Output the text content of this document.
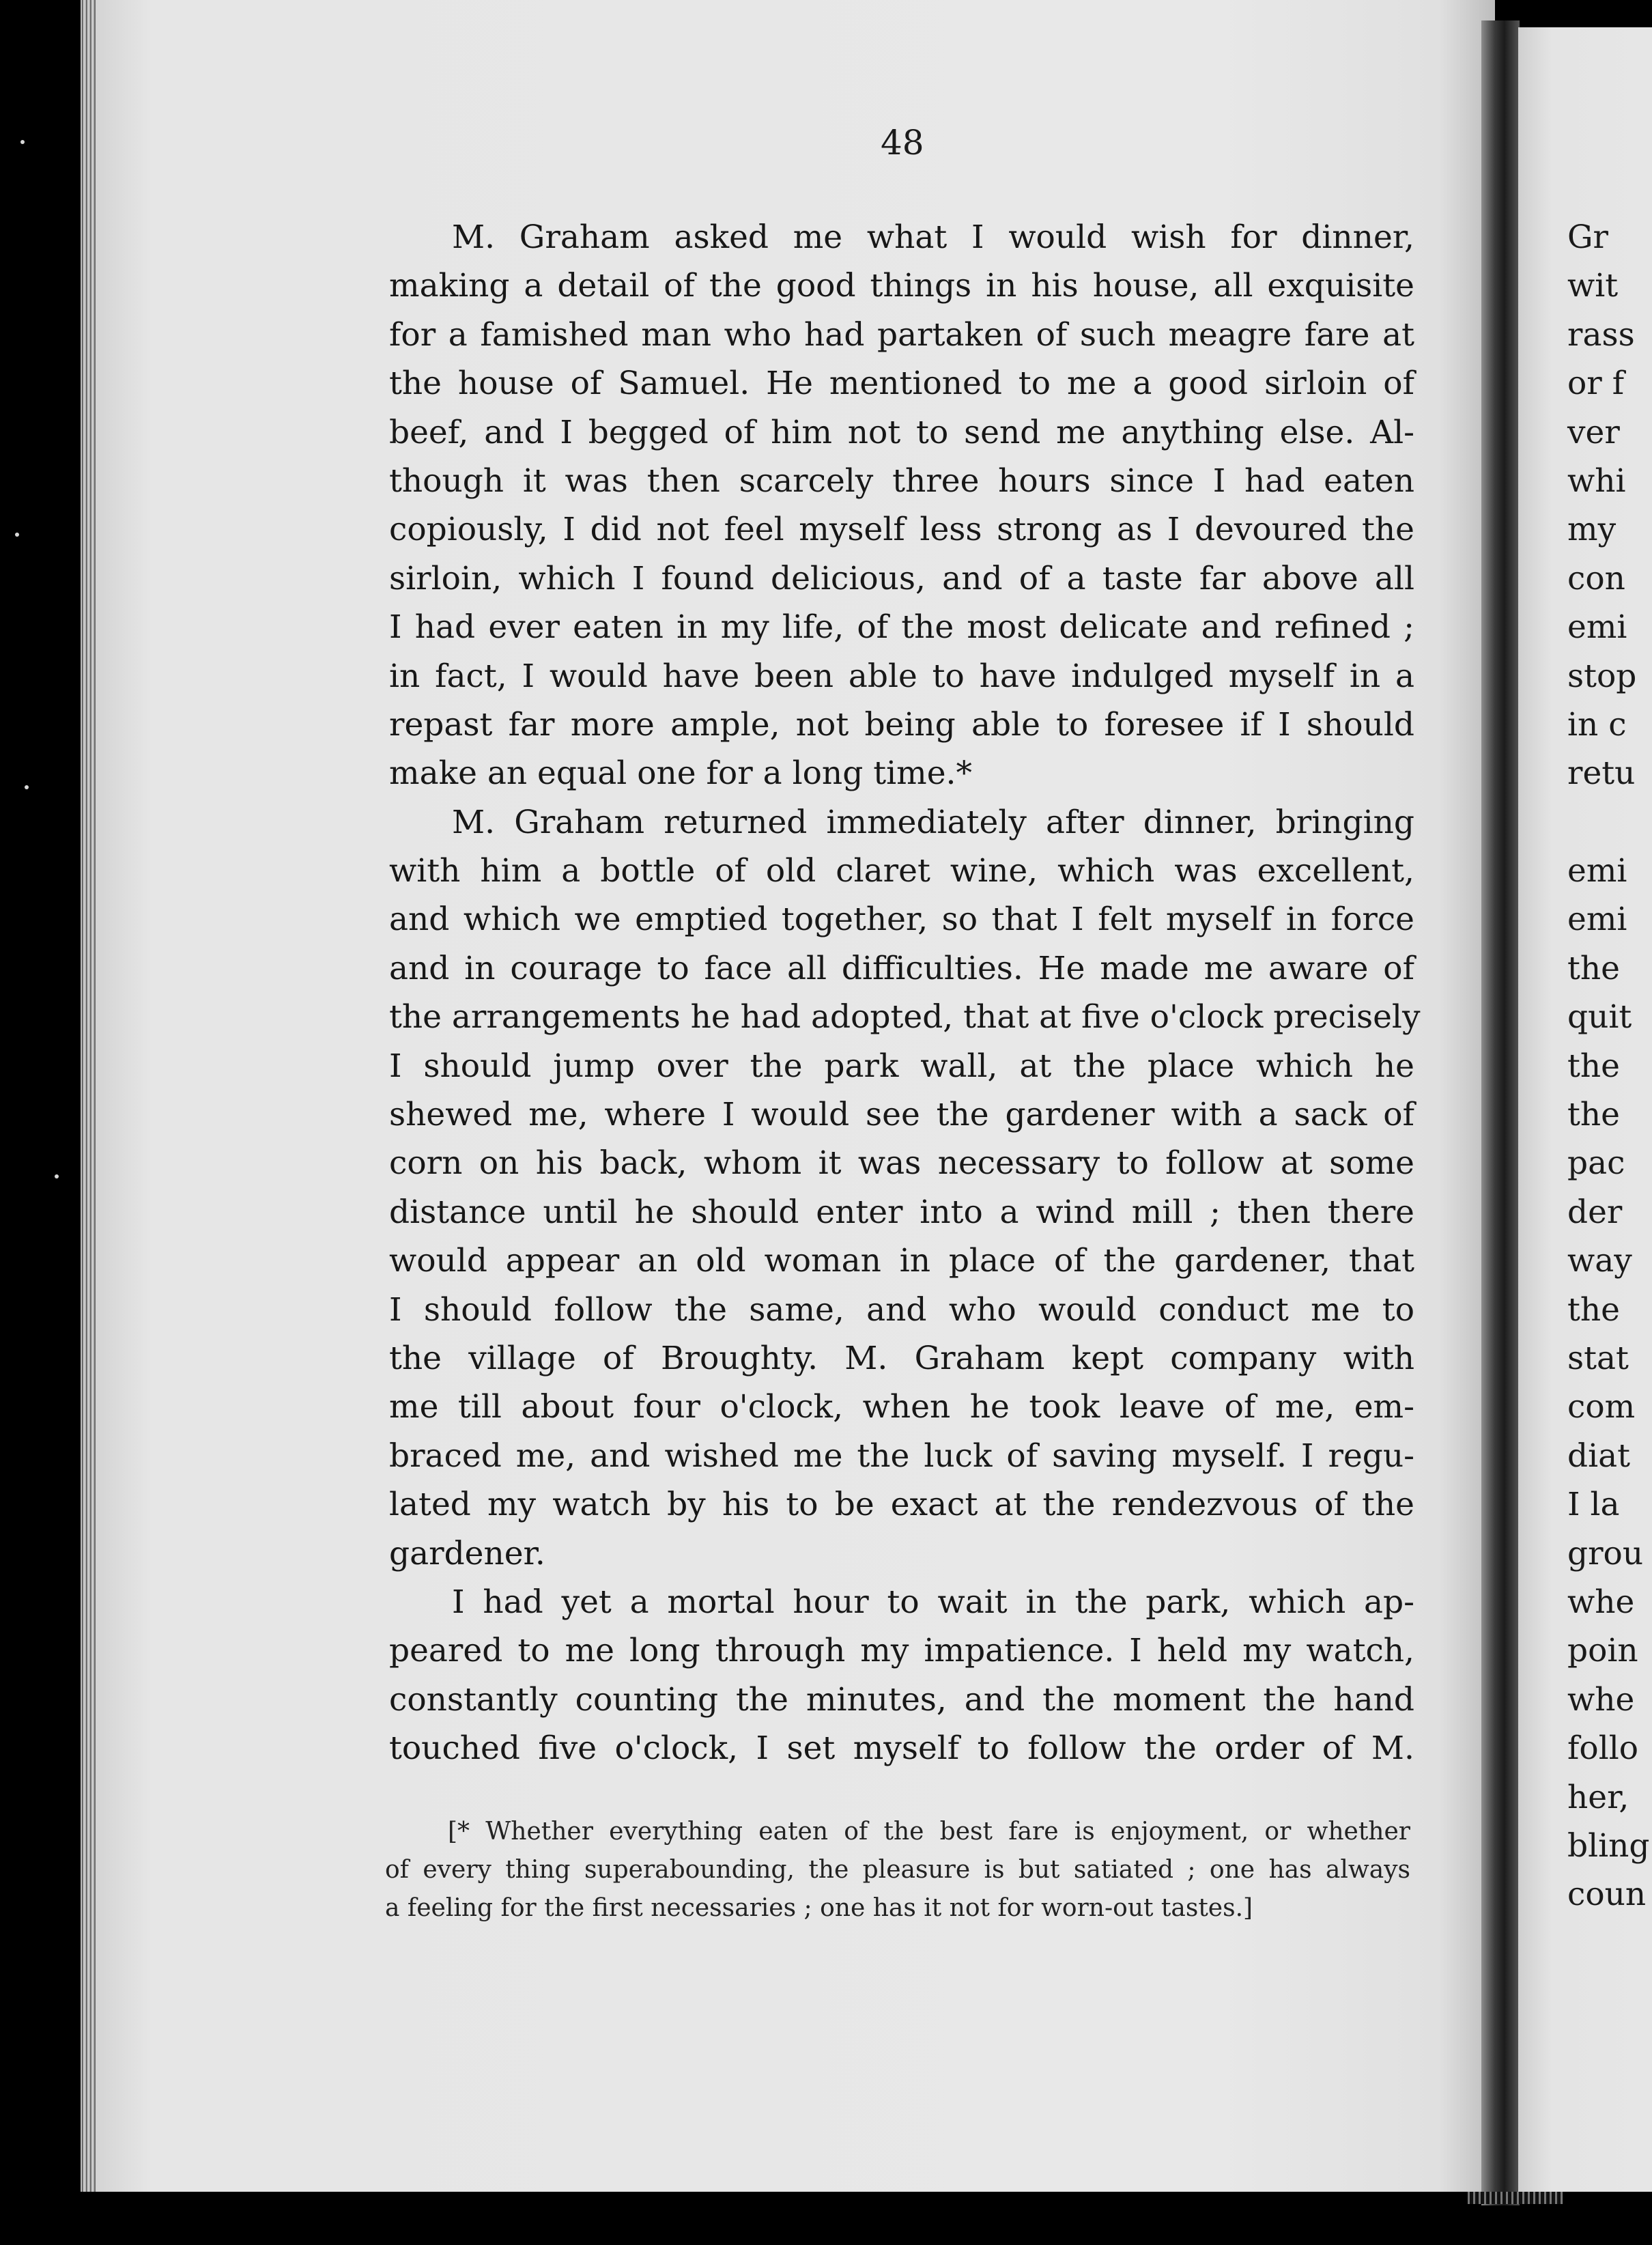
48
M. Graham asked me what I would wish for dinner,
making a detail of the good things in his house, all exquisite
for a famished man who had partaken of such meagre fare at
the house of Samuel. He mentioned to me a good sirloin of
beef, and I begged of him not to send me anything else. Al-
though it was then scarcely three hours since I had eaten
copiously, I did not feel myself less strong as I devoured the
sirloin, which I found delicious, and of a taste far above all
I had ever eaten in my life, of the most delicate and refined ;
in fact, I would have been able to have indulged myself in a
repast far more ample, not being able to foresee if I should
make an equal one for a long time.*
M. Graham returned immediately after dinner, bringing
with him a bottle of old claret wine, which was excellent,
and which we emptied together, so that I felt myself in force
and in courage to face all difficulties. He made me aware of
the arrangements he had adopted, that at five o'clock precisely
I should jump over the park wall, at the place which he
shewed me, where I would see the gardener with a sack of
corn on his back, whom it was necessary to follow at some
distance until he should enter into a wind mill ; then there
would appear an old woman in place of the gardener, that
I should follow the same, and who would conduct me to
the village of Broughty. M. Graham kept company with
me till about four o'clock, when he took leave of me, em-
braced me, and wished me the luck of saving myself. I regu-
lated my watch by his to be exact at the rendezvous of the
gardener.
I had yet a mortal hour to wait in the park, which ap-
peared to me long through my impatience. I held my watch,
constantly counting the minutes, and the moment the hand
touched five o'clock, I set myself to follow the order of M.
[* Whether everything eaten of the best fare is enjoyment, or whether
of every thing superabounding, the pleasure is but satiated ; one has always
a feeling for the first necessaries ; one has it not for worn-out tastes.]
Gr
wit
rass
or f
ver
whi
my
con
emi
stop
in c
retu
emi
emi
the
quit
the
the
pac
der
way
the
stat
com
diat
I la
grou
whe
poin
whe
follo
her,
bling
coun
